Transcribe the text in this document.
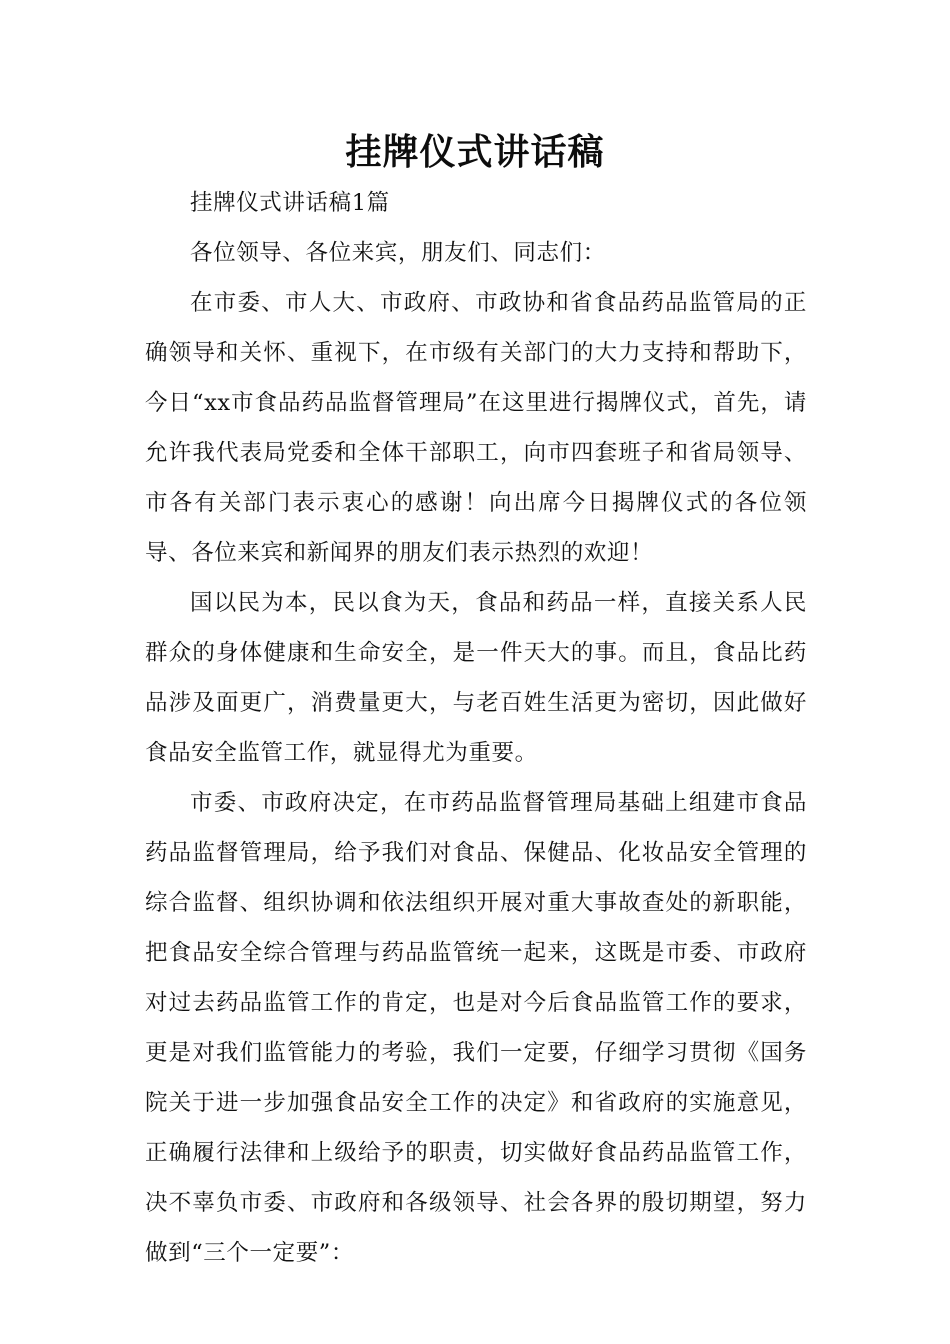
挂牌仪式讲话稿

挂牌仪式讲话稿1篇

各位领导、各位来宾，朋友们、同志们：

在市委、市人大、市政府、市政协和省食品药品监管局的正确领导和关怀、重视下，在市级有关部门的大力支持和帮助下，今日“xx市食品药品监督管理局”在这里进行揭牌仪式，首先，请允许我代表局党委和全体干部职工，向市四套班子和省局领导、市各有关部门表示衷心的感谢！向出席今日揭牌仪式的各位领导、各位来宾和新闻界的朋友们表示热烈的欢迎！

国以民为本，民以食为天，食品和药品一样，直接关系人民群众的身体健康和生命安全，是一件天大的事。而且，食品比药品涉及面更广，消费量更大，与老百姓生活更为密切，因此做好食品安全监管工作，就显得尤为重要。

市委、市政府决定，在市药品监督管理局基础上组建市食品药品监督管理局，给予我们对食品、保健品、化妆品安全管理的综合监督、组织协调和依法组织开展对重大事故查处的新职能，把食品安全综合管理与药品监管统一起来，这既是市委、市政府对过去药品监管工作的肯定，也是对今后食品监管工作的要求，更是对我们监管能力的考验，我们一定要，仔细学习贯彻《国务院关于进一步加强食品安全工作的决定》和省政府的实施意见，正确履行法律和上级给予的职责，切实做好食品药品监管工作，决不辜负市委、市政府和各级领导、社会各界的殷切期望，努力做到“三个一定要”：
